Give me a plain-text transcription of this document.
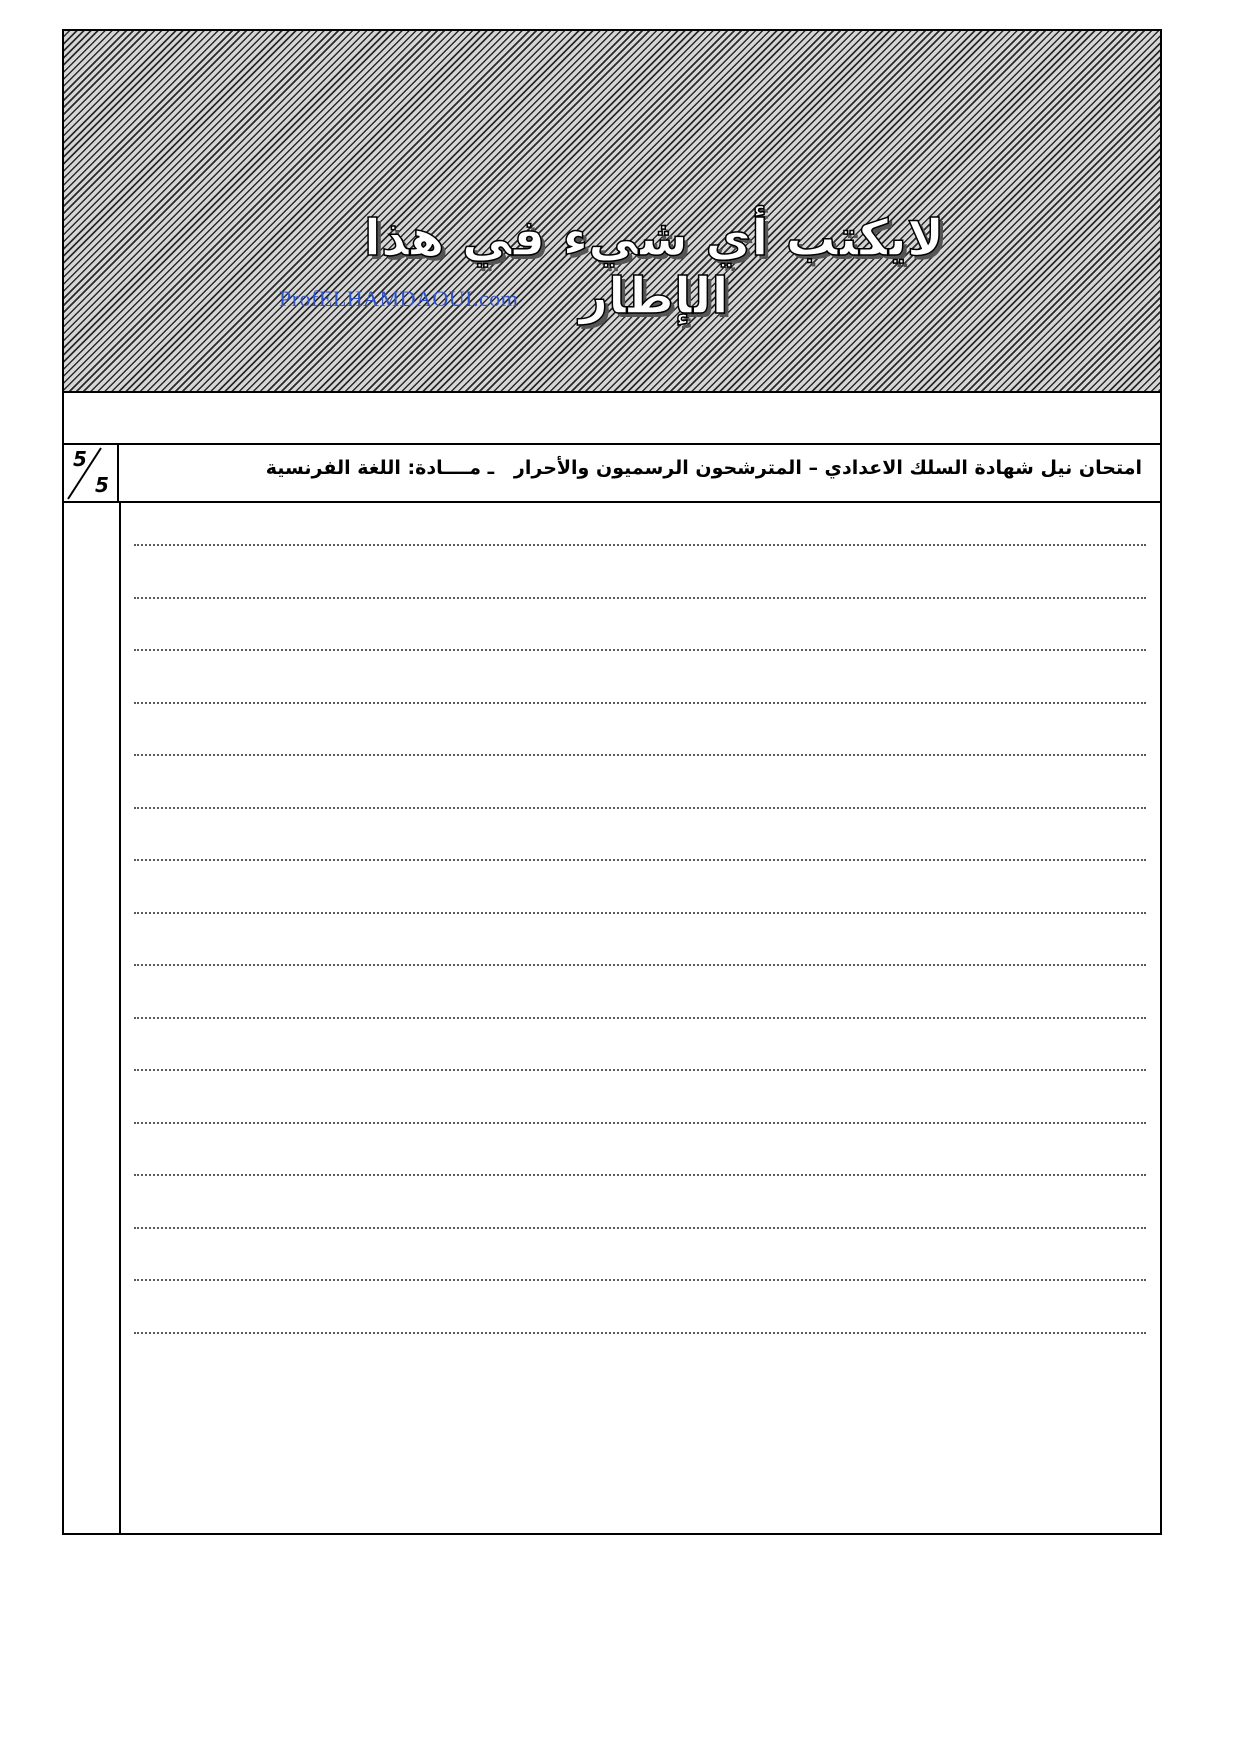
لايكتب أي شيء في هذا الإطار
ProfELHAMDAOUI.com
5
5
امتحان نيل شهادة السلك الاعدادي – المترشحون الرسميون والأحرار   ـ مــــادة: اللغة الفرنسية
